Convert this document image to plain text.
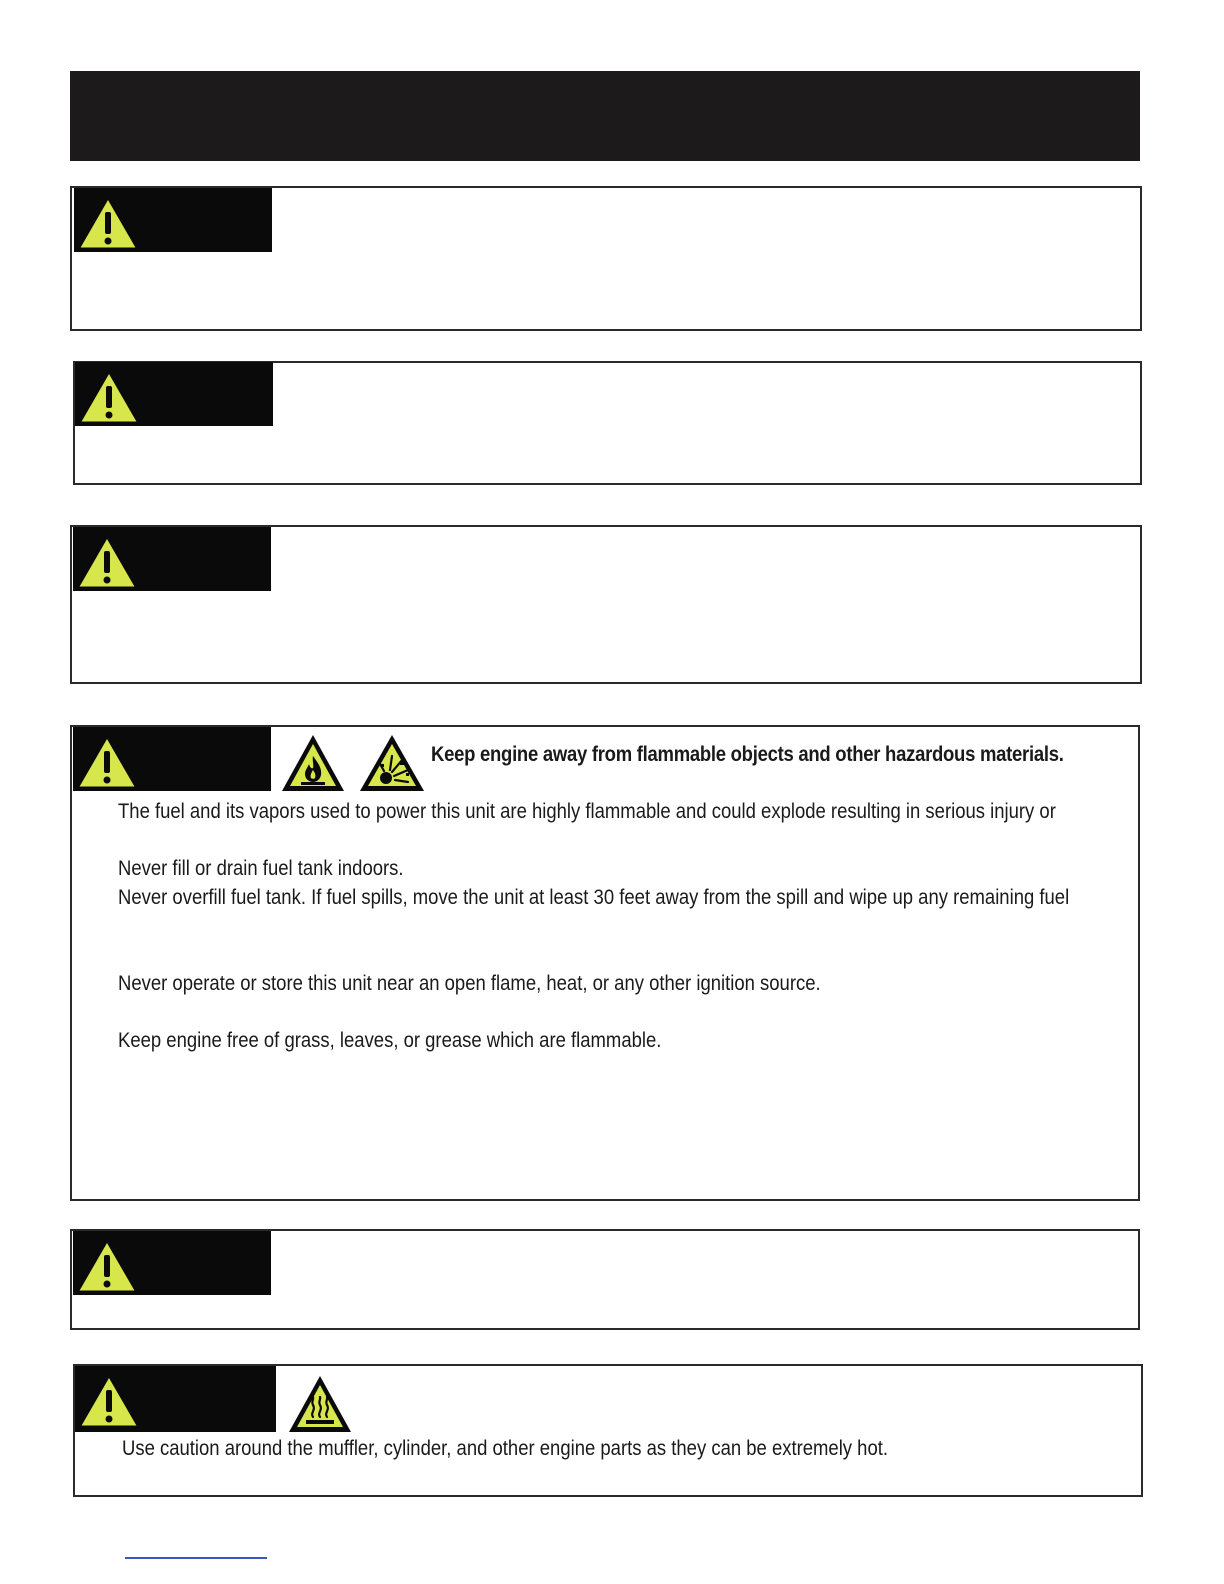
Keep engine away from flammable objects and other hazardous materials.
The fuel and its vapors used to power this unit are highly flammable and could explode resulting in serious injury or
Never fill or drain fuel tank indoors.
Never overfill fuel tank. If fuel spills, move the unit at least 30 feet away from the spill and wipe up any remaining fuel
Never operate or store this unit near an open flame, heat, or any other ignition source.
Keep engine free of grass, leaves, or grease which are flammable.
Use caution around the muffler, cylinder, and other engine parts as they can be extremely hot.
